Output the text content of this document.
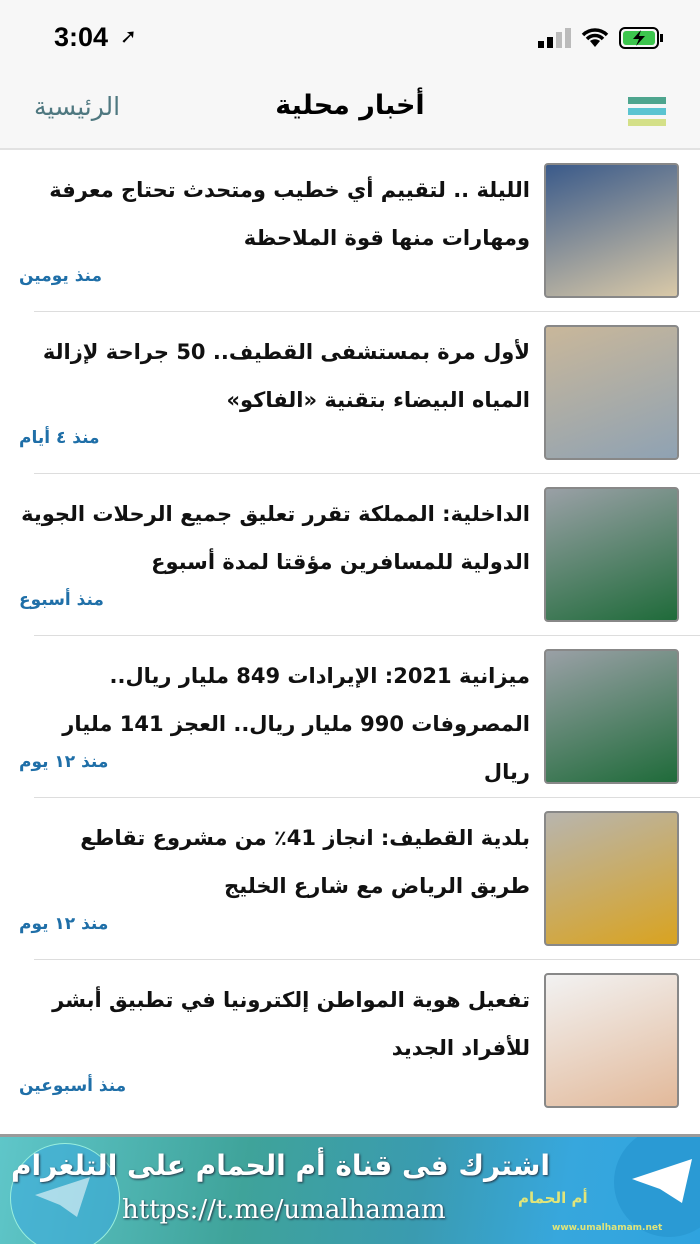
3:04 ➚
الرئيسية	أخبار محلية
الليلة .. لتقييم أي خطيب ومتحدث تحتاج معرفة ومهارات منها قوة الملاحظة
منذ يومين
لأول مرة بمستشفى القطيف.. 50 جراحة لإزالة المياه البيضاء بتقنية «الفاكو»
منذ ٤ أيام
الداخلية: المملكة تقرر تعليق جميع الرحلات الجوية الدولية للمسافرين مؤقتا لمدة أسبوع
منذ أسبوع
ميزانية 2021: الإيرادات 849 مليار ريال.. المصروفات 990 مليار ريال.. العجز 141 مليار ريال
منذ ١٢ يوم
بلدية القطيف: انجاز 41٪ من مشروع تقاطع طريق الرياض مع شارع الخليج
منذ ١٢ يوم
تفعيل هوية المواطن إلكترونيا في تطبيق أبشر للأفراد الجديد
منذ أسبوعين
اشترك فى قناة أم الحمام على التلغرام
https://t.me/umalhamam	أم الحمام
www.umalhamam.net
